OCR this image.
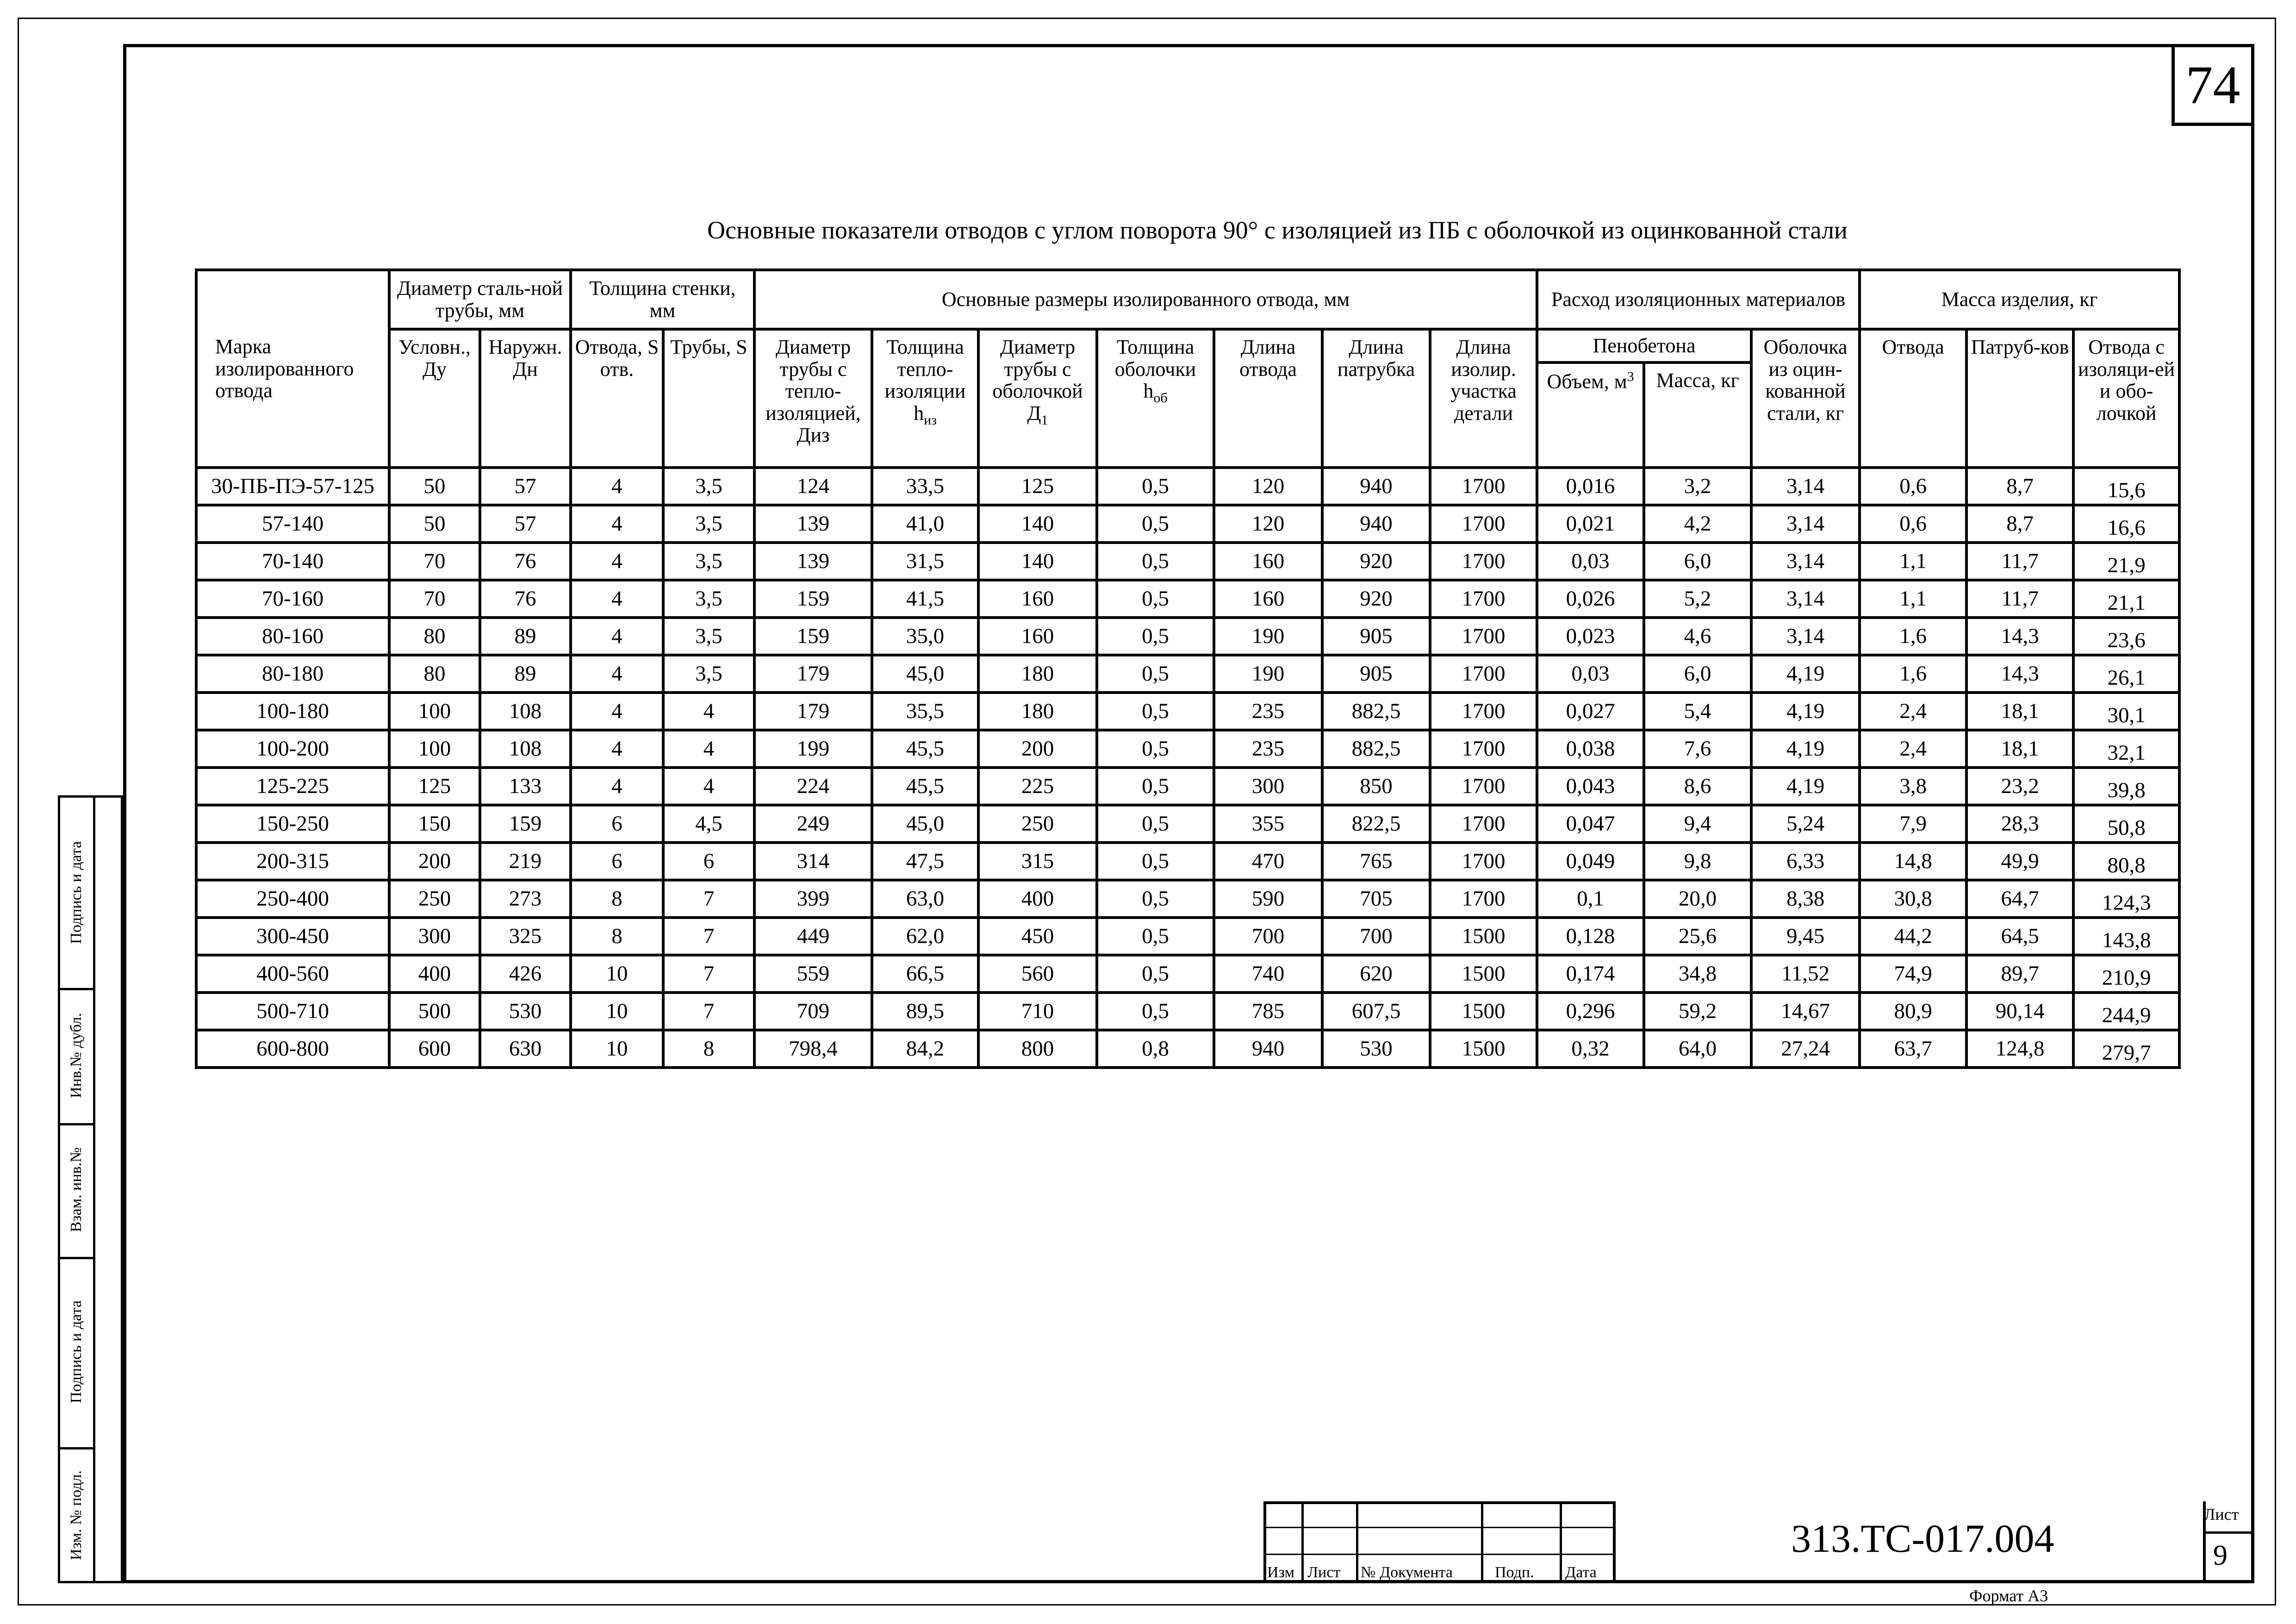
74
Основные показатели отводов с углом поворота 90° с изоляцией из ПБ с оболочкой из оцинкованной стали
Марка изолированного отвода	Диаметр сталь-ной трубы, мм		Толщина стенки, мм		Основные размеры изолированного отвода, мм							Расход изоляционных материалов			Масса изделия, кг		
	Условн., Ду	Наружн. Дн	Отвода, S отв.	Трубы, S	Диаметр трубы с тепло-изоляцией, Диз	Толщина тепло-изоляции $h_{из}$	Диаметр трубы с оболочкой $Д_1$	Толщина оболочки $h_{об}$	Длина отвода	Длина патрубка	Длина изолир. участка детали	Пенобетона		Оболочка из оцин-кованной стали, кг	Отвода	Патруб-ков	Отвода с изоляци-ей и обо-лочкой
												Объем, $м^3$	Масса, кг				
30-ПБ-ПЭ-57-125	50	57	4	3,5	124	33,5	125	0,5	120	940	1700	0,016	3,2	3,14	0,6	8,7	15,6
57-140	50	57	4	3,5	139	41,0	140	0,5	120	940	1700	0,021	4,2	3,14	0,6	8,7	16,6
70-140	70	76	4	3,5	139	31,5	140	0,5	160	920	1700	0,03	6,0	3,14	1,1	11,7	21,9
70-160	70	76	4	3,5	159	41,5	160	0,5	160	920	1700	0,026	5,2	3,14	1,1	11,7	21,1
80-160	80	89	4	3,5	159	35,0	160	0,5	190	905	1700	0,023	4,6	3,14	1,6	14,3	23,6
80-180	80	89	4	3,5	179	45,0	180	0,5	190	905	1700	0,03	6,0	4,19	1,6	14,3	26,1
100-180	100	108	4	4	179	35,5	180	0,5	235	882,5	1700	0,027	5,4	4,19	2,4	18,1	30,1
100-200	100	108	4	4	199	45,5	200	0,5	235	882,5	1700	0,038	7,6	4,19	2,4	18,1	32,1
125-225	125	133	4	4	224	45,5	225	0,5	300	850	1700	0,043	8,6	4,19	3,8	23,2	39,8
150-250	150	159	6	4,5	249	45,0	250	0,5	355	822,5	1700	0,047	9,4	5,24	7,9	28,3	50,8
200-315	200	219	6	6	314	47,5	315	0,5	470	765	1700	0,049	9,8	6,33	14,8	49,9	80,8
250-400	250	273	8	7	399	63,0	400	0,5	590	705	1700	0,1	20,0	8,38	30,8	64,7	124,3
300-450	300	325	8	7	449	62,0	450	0,5	700	700	1500	0,128	25,6	9,45	44,2	64,5	143,8
400-560	400	426	10	7	559	66,5	560	0,5	740	620	1500	0,174	34,8	11,52	74,9	89,7	210,9
500-710	500	530	10	7	709	89,5	710	0,5	785	607,5	1500	0,296	59,2	14,67	80,9	90,14	244,9
600-800	600	630	10	8	798,4	84,2	800	0,8	940	530	1500	0,32	64,0	27,24	63,7	124,8	279,7
Подпись и дата
Инв.№ дубл.
Взам. инв.№
Подпись и дата
Изм. № подл.
Изм Лист № Документа	Подп. Дата
313.ТС-017.004
Лист
9
Формат А3
